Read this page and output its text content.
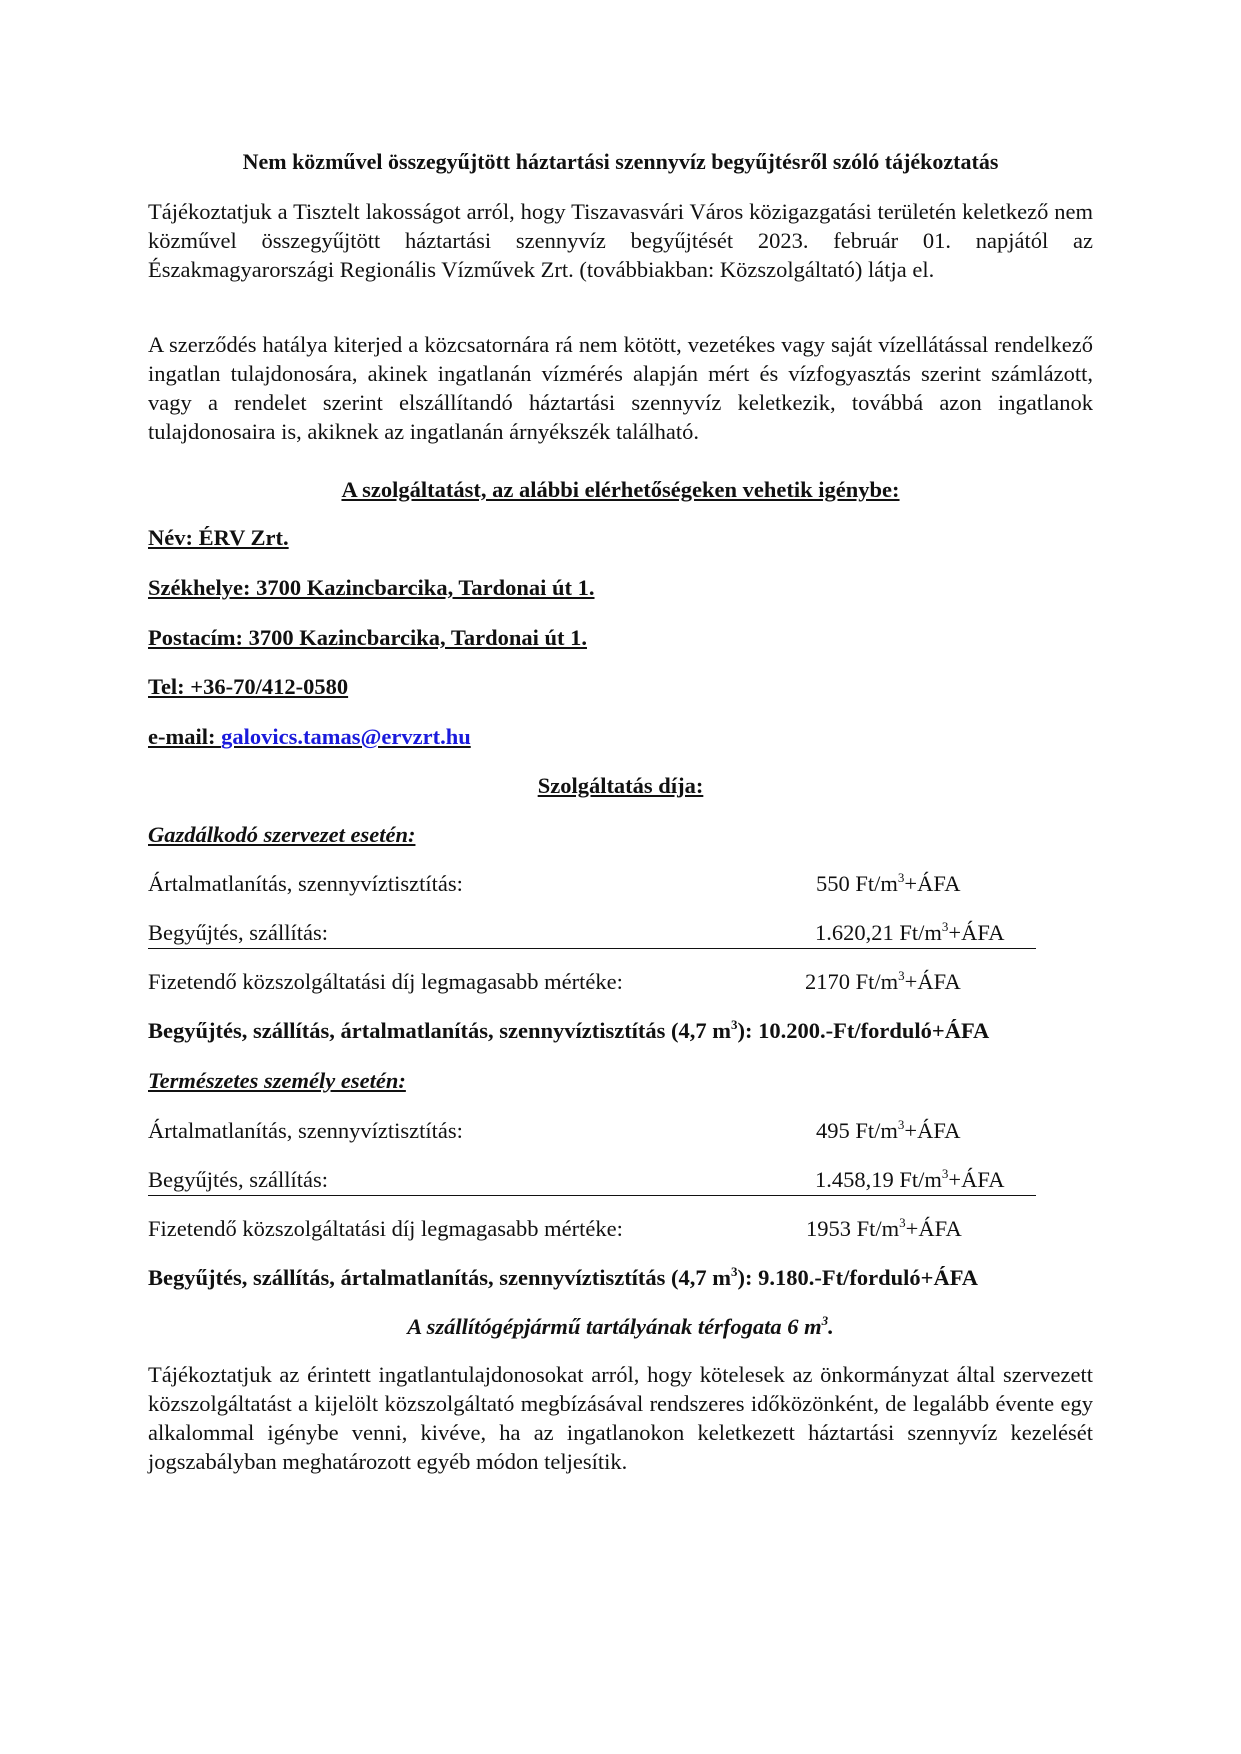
Nem közművel összegyűjtött háztartási szennyvíz begyűjtésről szóló tájékoztatás

Tájékoztatjuk a Tisztelt lakosságot arról, hogy Tiszavasvári Város közigazgatási területén keletkező nem közművel összegyűjtött háztartási szennyvíz begyűjtését 2023. február 01. napjától az Északmagyarországi Regionális Vízművek Zrt. (továbbiakban: Közszolgáltató) látja el.

A szerződés hatálya kiterjed a közcsatornára rá nem kötött, vezetékes vagy saját vízellátással rendelkező ingatlan tulajdonosára, akinek ingatlanán vízmérés alapján mért és vízfogyasztás szerint számlázott, vagy a rendelet szerint elszállítandó háztartási szennyvíz keletkezik, továbbá azon ingatlanok tulajdonosaira is, akiknek az ingatlanán árnyékszék található.

A szolgáltatást, az alábbi elérhetőségeken vehetik igénybe:
Név: ÉRV Zrt.
Székhelye: 3700 Kazincbarcika, Tardonai út 1.
Postacím: 3700 Kazincbarcika, Tardonai út 1.
Tel: +36-70/412-0580
e-mail: galovics.tamas@ervzrt.hu
Szolgáltatás díja:
Gazdálkodó szervezet esetén:
Ártalmatlanítás, szennyvíztisztítás:	550 $Ft/m^3+ÁFA$
Begyűjtés, szállítás:	1.620,21 $Ft/m^3+ÁFA$
Fizetendő közszolgáltatási díj legmagasabb mértéke:	2170 $Ft/m^3+ÁFA$
Begyűjtés, szállítás, ártalmatlanítás, szennyvíztisztítás (4,7 $m^3$): 10.200.-Ft/forduló+ÁFA
Természetes személy esetén:
Ártalmatlanítás, szennyvíztisztítás:	495 $Ft/m^3+ÁFA$
Begyűjtés, szállítás:	1.458,19 $Ft/m^3+ÁFA$
Fizetendő közszolgáltatási díj legmagasabb mértéke:	1953 $Ft/m^3+ÁFA$
Begyűjtés, szállítás, ártalmatlanítás, szennyvíztisztítás (4,7 $m^3$): 9.180.-Ft/forduló+ÁFA
A szállítógépjármű tartályának térfogata 6 $m^3$.

Tájékoztatjuk az érintett ingatlantulajdonosokat arról, hogy kötelesek az önkormányzat által szervezett közszolgáltatást a kijelölt közszolgáltató megbízásával rendszeres időközönként, de legalább évente egy alkalommal igénybe venni, kivéve, ha az ingatlanokon keletkezett háztartási szennyvíz kezelését jogszabályban meghatározott egyéb módon teljesítik.
